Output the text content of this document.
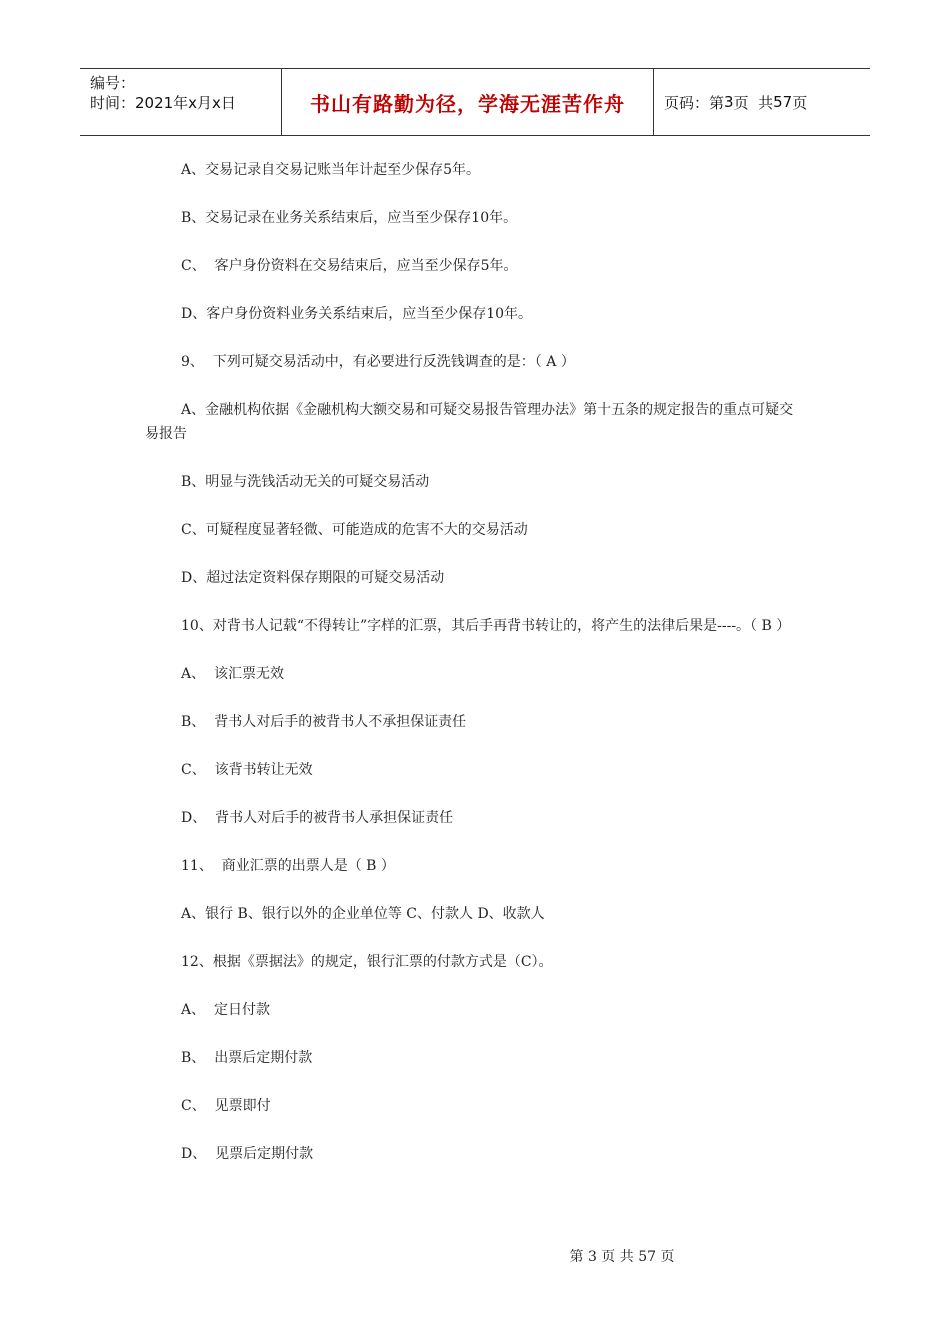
编号：
时间：2021年x月x日	书山有路勤为径，学海无涯苦作舟	页码：第 3 页  共 57 页

A、交易记录自交易记账当年计起至少保存5年。

B、交易记录在业务关系结束后，应当至少保存10年。

C、  客户身份资料在交易结束后，应当至少保存5年。

D、客户身份资料业务关系结束后，应当至少保存10年。

9、  下列可疑交易活动中，有必要进行反洗钱调查的是：（ A ）

A、金融机构依据《金融机构大额交易和可疑交易报告管理办法》第十五条的规定报告的重点可疑交易报告

B、明显与洗钱活动无关的可疑交易活动

C、可疑程度显著轻微、可能造成的危害不大的交易活动

D、超过法定资料保存期限的可疑交易活动

10、对背书人记载“不得转让”字样的汇票，其后手再背书转让的，将产生的法律后果是----。（ B ）

A、  该汇票无效

B、  背书人对后手的被背书人不承担保证责任

C、  该背书转让无效

D、  背书人对后手的被背书人承担保证责任

11、  商业汇票的出票人是（ B ）

A、银行 B、银行以外的企业单位等 C、付款人 D、收款人

12、根据《票据法》的规定，银行汇票的付款方式是（C）。

A、  定日付款

B、  出票后定期付款

C、  见票即付

D、  见票后定期付款

第 3 页 共 57 页
